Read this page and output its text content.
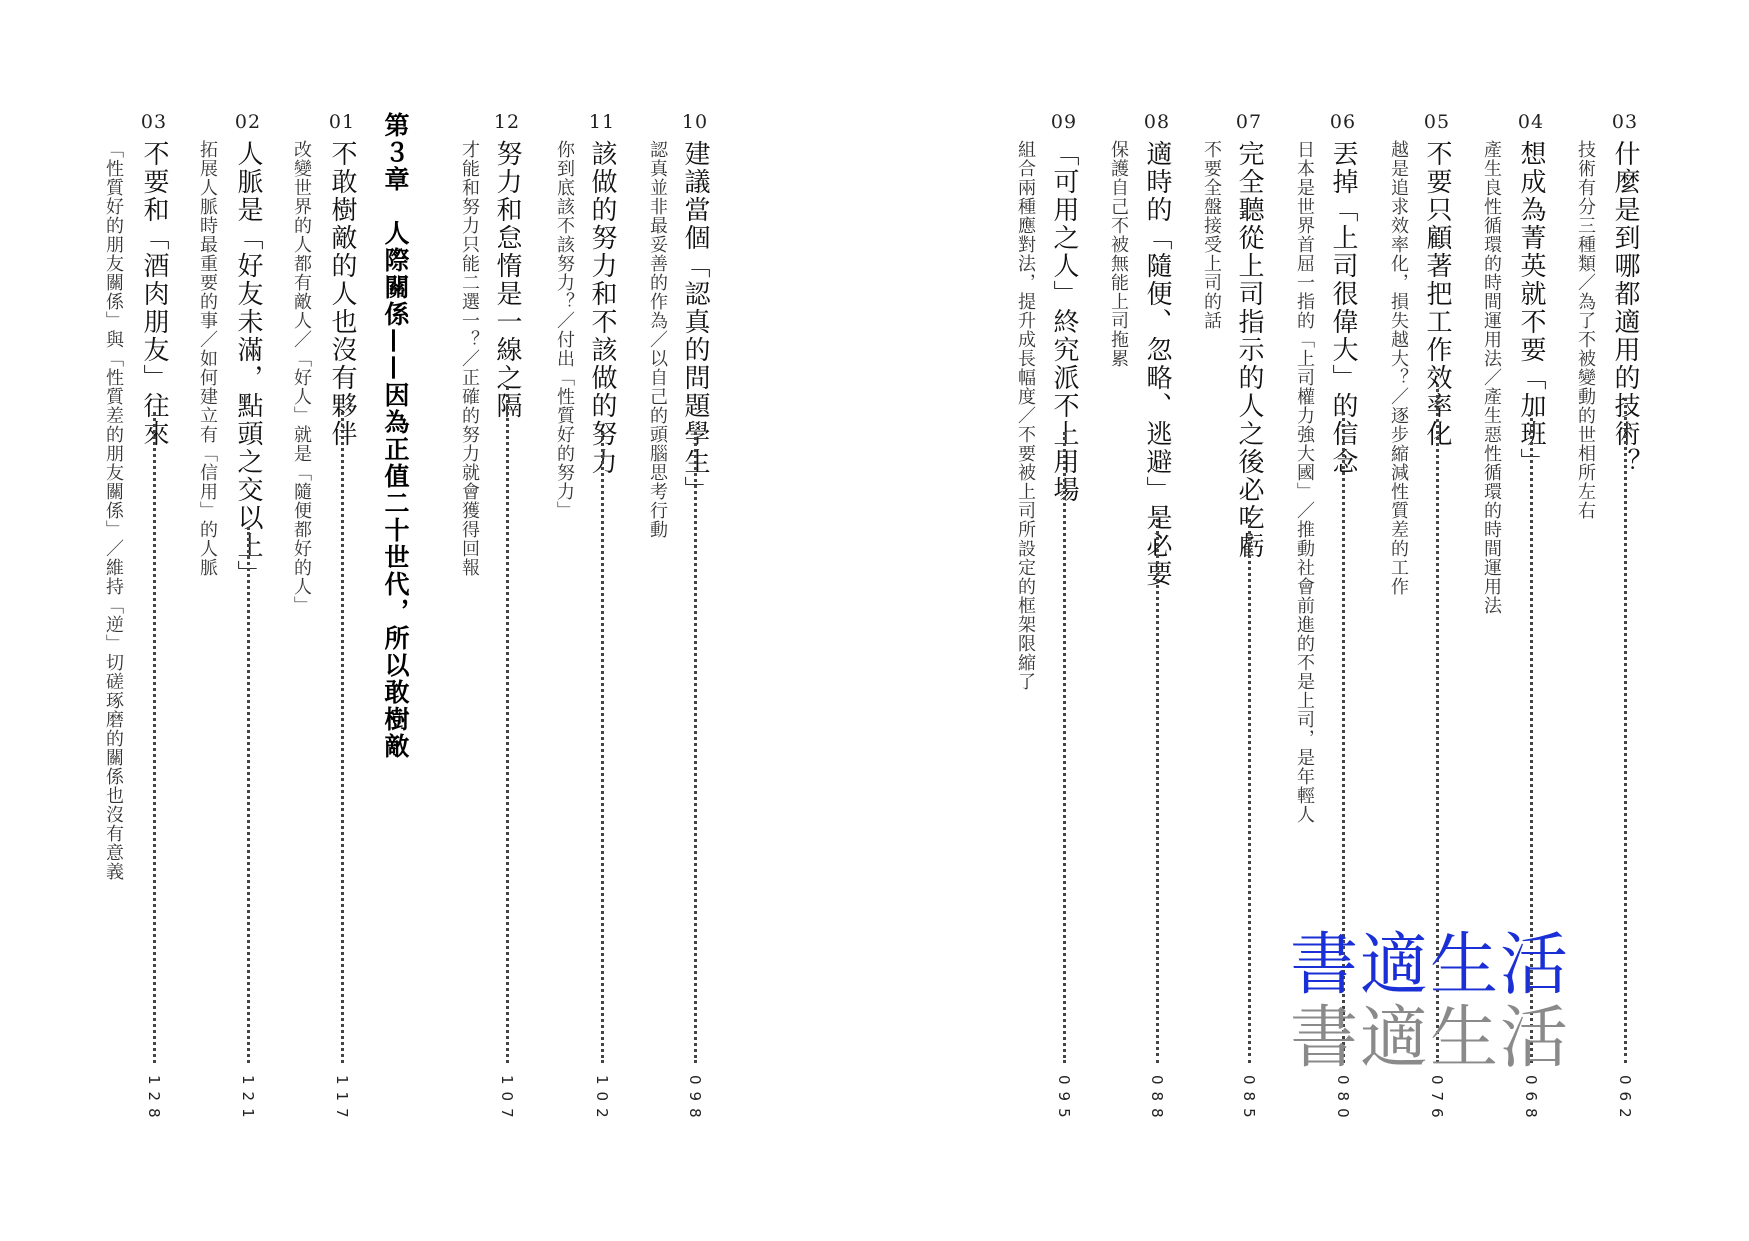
03
什麼是到哪都適用的技術？
062
技術有分三種類／為了不被變動的世相所左右
04
想成為菁英就不要「加班」
068
產生良性循環的時間運用法／產生惡性循環的時間運用法
05
不要只顧著把工作效率化
076
越是追求效率化，損失越大？／逐步縮減性質差的工作
06
丟掉「上司很偉大」的信念
080
日本是世界首屈一指的「上司權力強大國」／推動社會前進的不是上司，是年輕人
07
完全聽從上司指示的人之後必吃虧
085
不要全盤接受上司的話
08
適時的「隨便、忽略、逃避」是必要
088
保護自己不被無能上司拖累
09
「可用之人」終究派不上用場
095
組合兩種應對法，提升成長幅度／不要被上司所設定的框架限縮了
書適生活
書適生活
10
建議當個「認真的問題學生」
098
認真並非最妥善的作為／以自己的頭腦思考行動
11
該做的努力和不該做的努力
102
你到底該不該努力？／付出「性質好的努力」
12
努力和怠惰是一線之隔
107
才能和努力只能二選一？／正確的努力就會獲得回報
第３章　人際關係——因為正值二十世代，所以敢樹敵
01
不敢樹敵的人也沒有夥伴
117
改變世界的人都有敵人／「好人」就是「隨便都好的人」
02
人脈是「好友未滿，點頭之交以上」
121
拓展人脈時最重要的事／如何建立有「信用」的人脈
03
不要和「酒肉朋友」往來
128
「性質好的朋友關係」與「性質差的朋友關係」／維持「逆」切磋琢磨的關係也沒有意義
